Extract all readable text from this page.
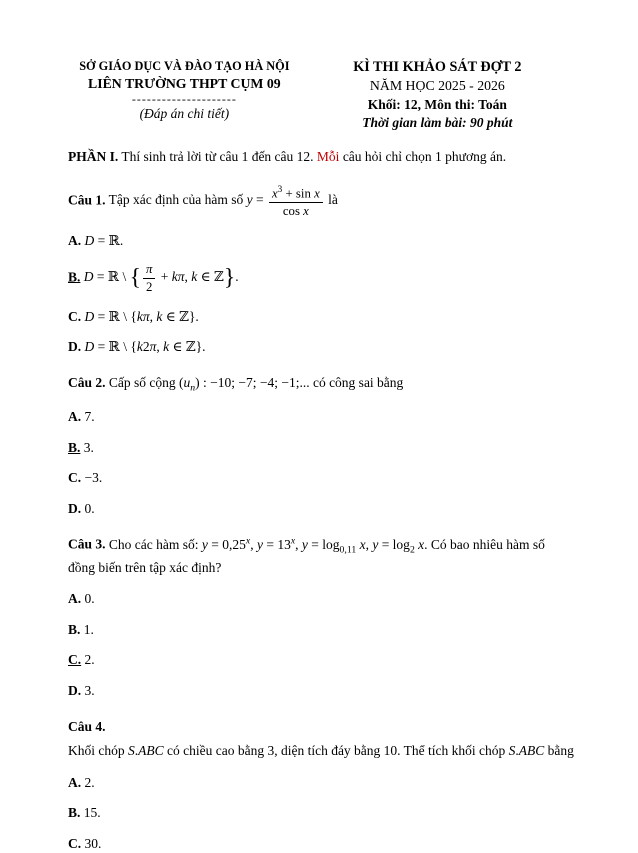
SỞ GIÁO DỤC VÀ ĐÀO TẠO HÀ NỘI
LIÊN TRƯỜNG THPT CỤM 09
---------------------
(Đáp án chi tiết)
KÌ THI KHẢO SÁT ĐỢT 2
NĂM HỌC 2025 - 2026
Khối: 12, Môn thi: Toán
Thời gian làm bài: 90 phút

PHẦN I. Thí sinh trả lời từ câu 1 đến câu 12. Mỗi câu hỏi chỉ chọn 1 phương án.

Câu 1. Tập xác định của hàm số $y = \frac{x^3 + \sin x}{\text{cos x}}$ là

A. D = ℝ.

B. D = ℝ \ { $\frac{\pi}{2} + k\pi$, k ∈ ℤ}.

C. D = ℝ \ {kπ, k ∈ ℤ}.

D. D = ℝ \ {k2π, k ∈ ℤ}.

Câu 2. Cấp số cộng $(u_n)$ : −10; −7; −4; −1;... có công sai bằng

A. 7.

B. 3.

C. −3.

D. 0.

Câu 3. Cho các hàm số: $y = 0,25^x$, $y = 13^x$, $y = \log_{0,11} x$, $y = \log_2 x$. Có bao nhiêu hàm số đồng biến trên tập xác định?

A. 0.

B. 1.

C. 2.

D. 3.

Câu 4.

Khối chóp S.ABC có chiều cao bằng 3, diện tích đáy bằng 10. Thể tích khối chóp S.ABC bằng

A. 2.

B. 15.

C. 30.
